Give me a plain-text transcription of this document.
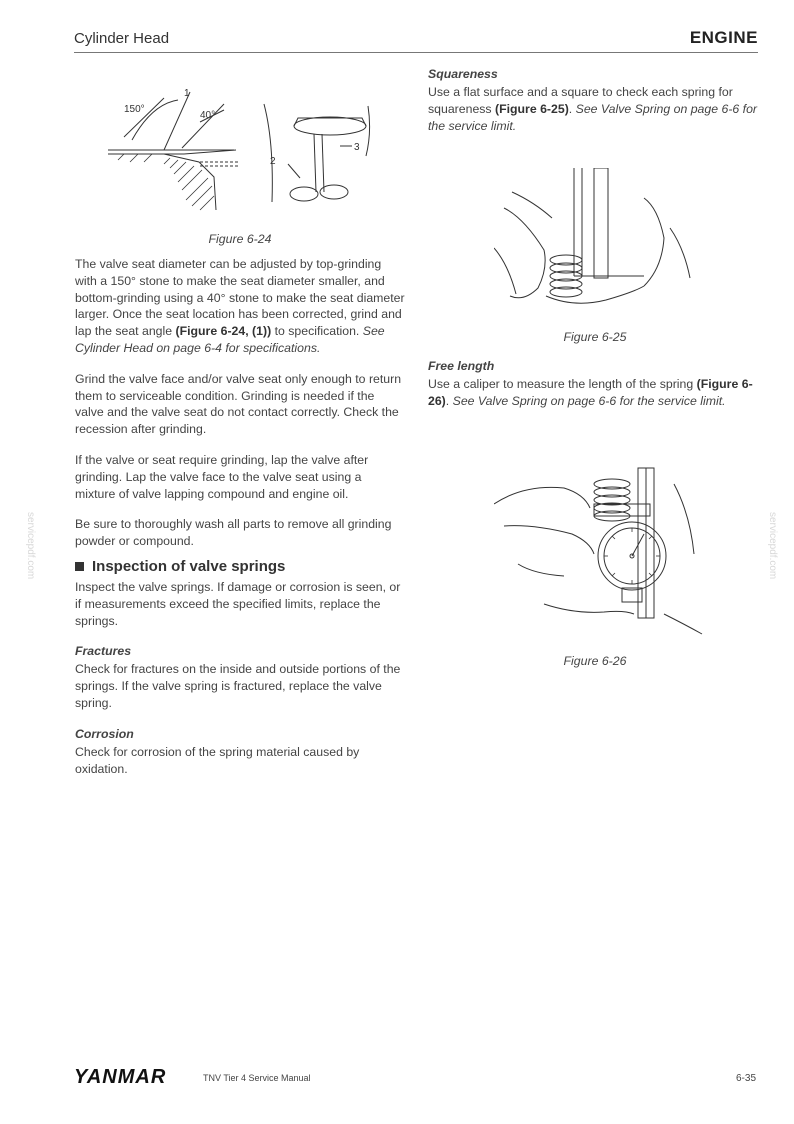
Cylinder Head	ENGINE
servicepdf.com	servicepdf.com
150°
1
40°
2
3

Figure 6-24

The valve seat diameter can be adjusted by top-grinding with a 150° stone to make the seat diameter smaller, and bottom-grinding using a 40° stone to make the seat diameter larger. Once the seat location has been corrected, grind and lap the seat angle (Figure 6-24, (1)) to specification. See Cylinder Head on page 6-4 for specifications.

Grind the valve face and/or valve seat only enough to return them to serviceable condition. Grinding is needed if the valve and the valve seat do not contact correctly. Check the recession after grinding.

If the valve or seat require grinding, lap the valve after grinding. Lap the valve face to the valve seat using a mixture of valve lapping compound and engine oil.

Be sure to thoroughly wash all parts to remove all grinding powder or compound.

Inspection of valve springs

Inspect the valve springs. If damage or corrosion is seen, or if measurements exceed the specified limits, replace the springs.

Fractures

Check for fractures on the inside and outside portions of the springs. If the valve spring is fractured, replace the valve spring.

Corrosion

Check for corrosion of the spring material caused by oxidation.

Squareness

Use a flat surface and a square to check each spring for squareness (Figure 6-25). See Valve Spring on page 6-6 for the service limit.

Figure 6-25

Free length

Use a caliper to measure the length of the spring (Figure 6-26). See Valve Spring on page 6-6 for the service limit.

Figure 6-26

YANMAR	TNV Tier 4 Service Manual	6-35
